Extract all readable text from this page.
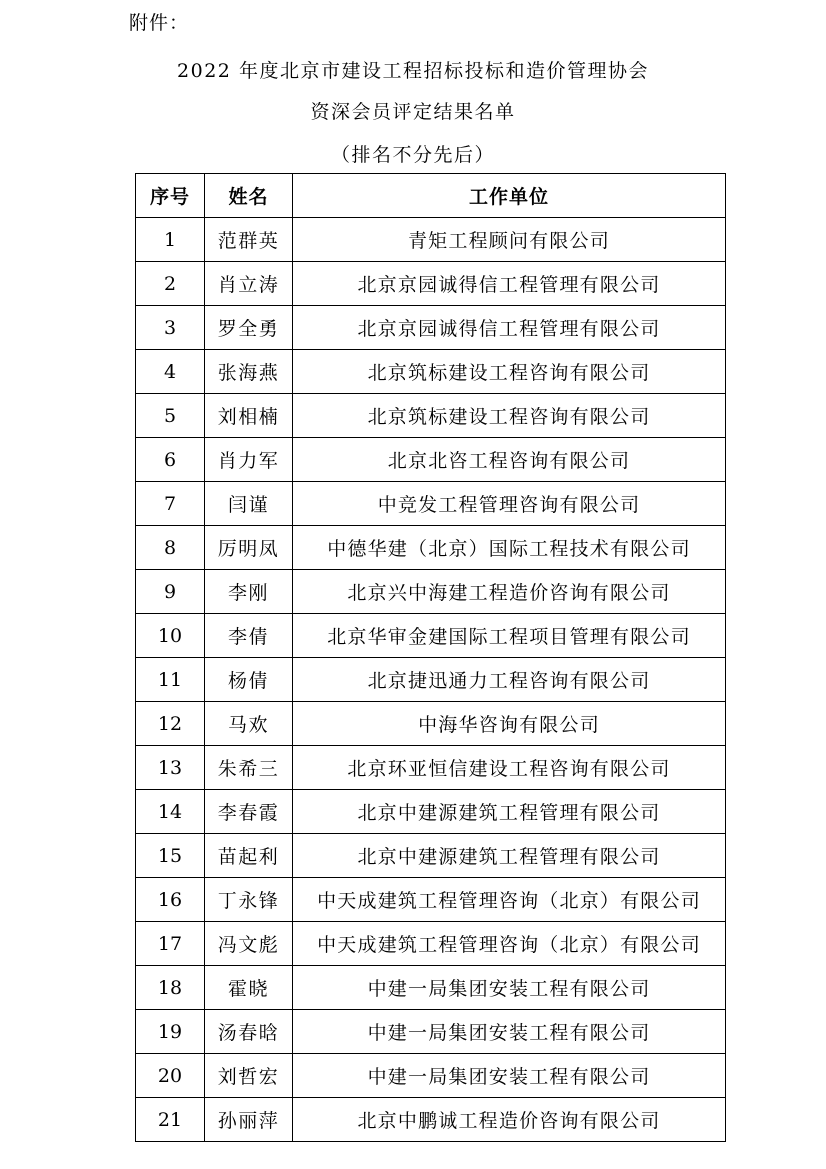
附件：
2022 年度北京市建设工程招标投标和造价管理协会
资深会员评定结果名单
（排名不分先后）
序号	姓名	工作单位
1	范群英	青矩工程顾问有限公司
2	肖立涛	北京京园诚得信工程管理有限公司
3	罗全勇	北京京园诚得信工程管理有限公司
4	张海燕	北京筑标建设工程咨询有限公司
5	刘相楠	北京筑标建设工程咨询有限公司
6	肖力军	北京北咨工程咨询有限公司
7	闫谨	中竞发工程管理咨询有限公司
8	厉明凤	中德华建（北京）国际工程技术有限公司
9	李刚	北京兴中海建工程造价咨询有限公司
10	李倩	北京华审金建国际工程项目管理有限公司
11	杨倩	北京捷迅通力工程咨询有限公司
12	马欢	中海华咨询有限公司
13	朱希三	北京环亚恒信建设工程咨询有限公司
14	李春霞	北京中建源建筑工程管理有限公司
15	苗起利	北京中建源建筑工程管理有限公司
16	丁永锋	中天成建筑工程管理咨询（北京）有限公司
17	冯文彪	中天成建筑工程管理咨询（北京）有限公司
18	霍晓	中建一局集团安装工程有限公司
19	汤春晗	中建一局集团安装工程有限公司
20	刘哲宏	中建一局集团安装工程有限公司
21	孙丽萍	北京中鹏诚工程造价咨询有限公司
